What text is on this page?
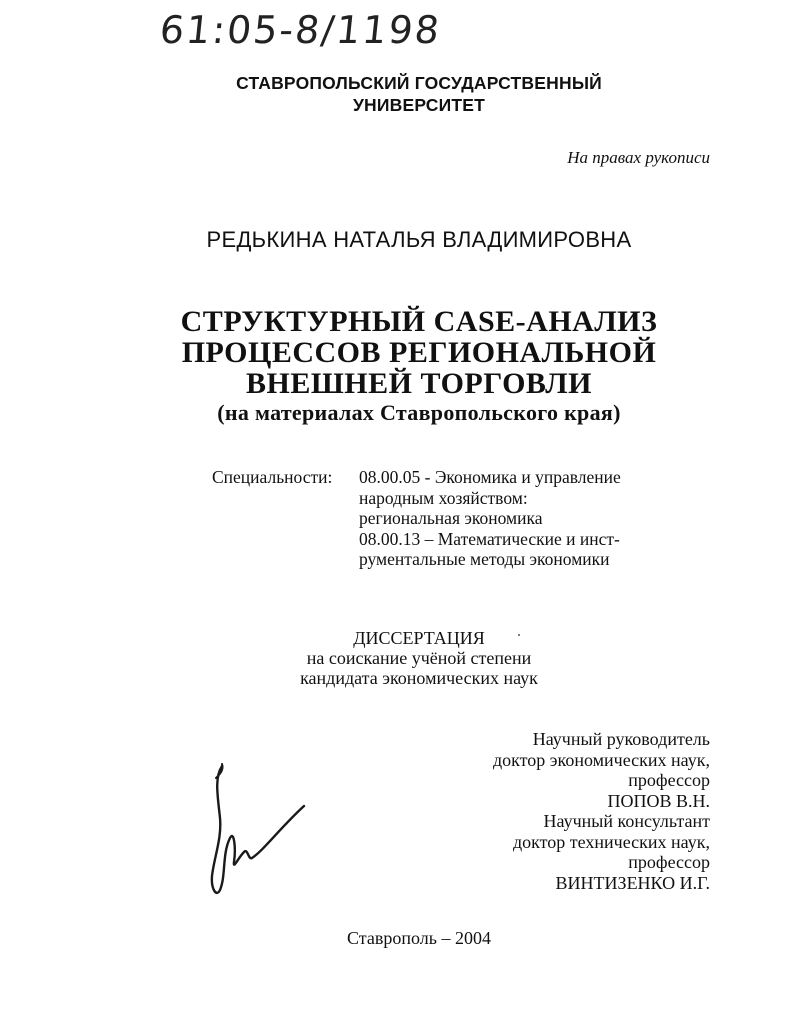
61:05-8/1198
СТАВРОПОЛЬСКИЙ ГОСУДАРСТВЕННЫЙ
УНИВЕРСИТЕТ
На правах рукописи
РЕДЬКИНА НАТАЛЬЯ ВЛАДИМИРОВНА
СТРУКТУРНЫЙ CASE-АНАЛИЗ
ПРОЦЕССОВ РЕГИОНАЛЬНОЙ
ВНЕШНЕЙ ТОРГОВЛИ
(на материалах Ставропольского края)
Специальности: 08.00.05 - Экономика и управление
народным хозяйством:
региональная экономика
08.00.13 – Математические и инст-
рументальные методы экономики
ДИССЕРТАЦИЯ
на соискание учёной степени
кандидата экономических наук
Научный руководитель
доктор экономических наук,
профессор
ПОПОВ В.Н.
Научный консультант
доктор технических наук,
профессор
ВИНТИЗЕНКО И.Г.
Ставрополь – 2004
